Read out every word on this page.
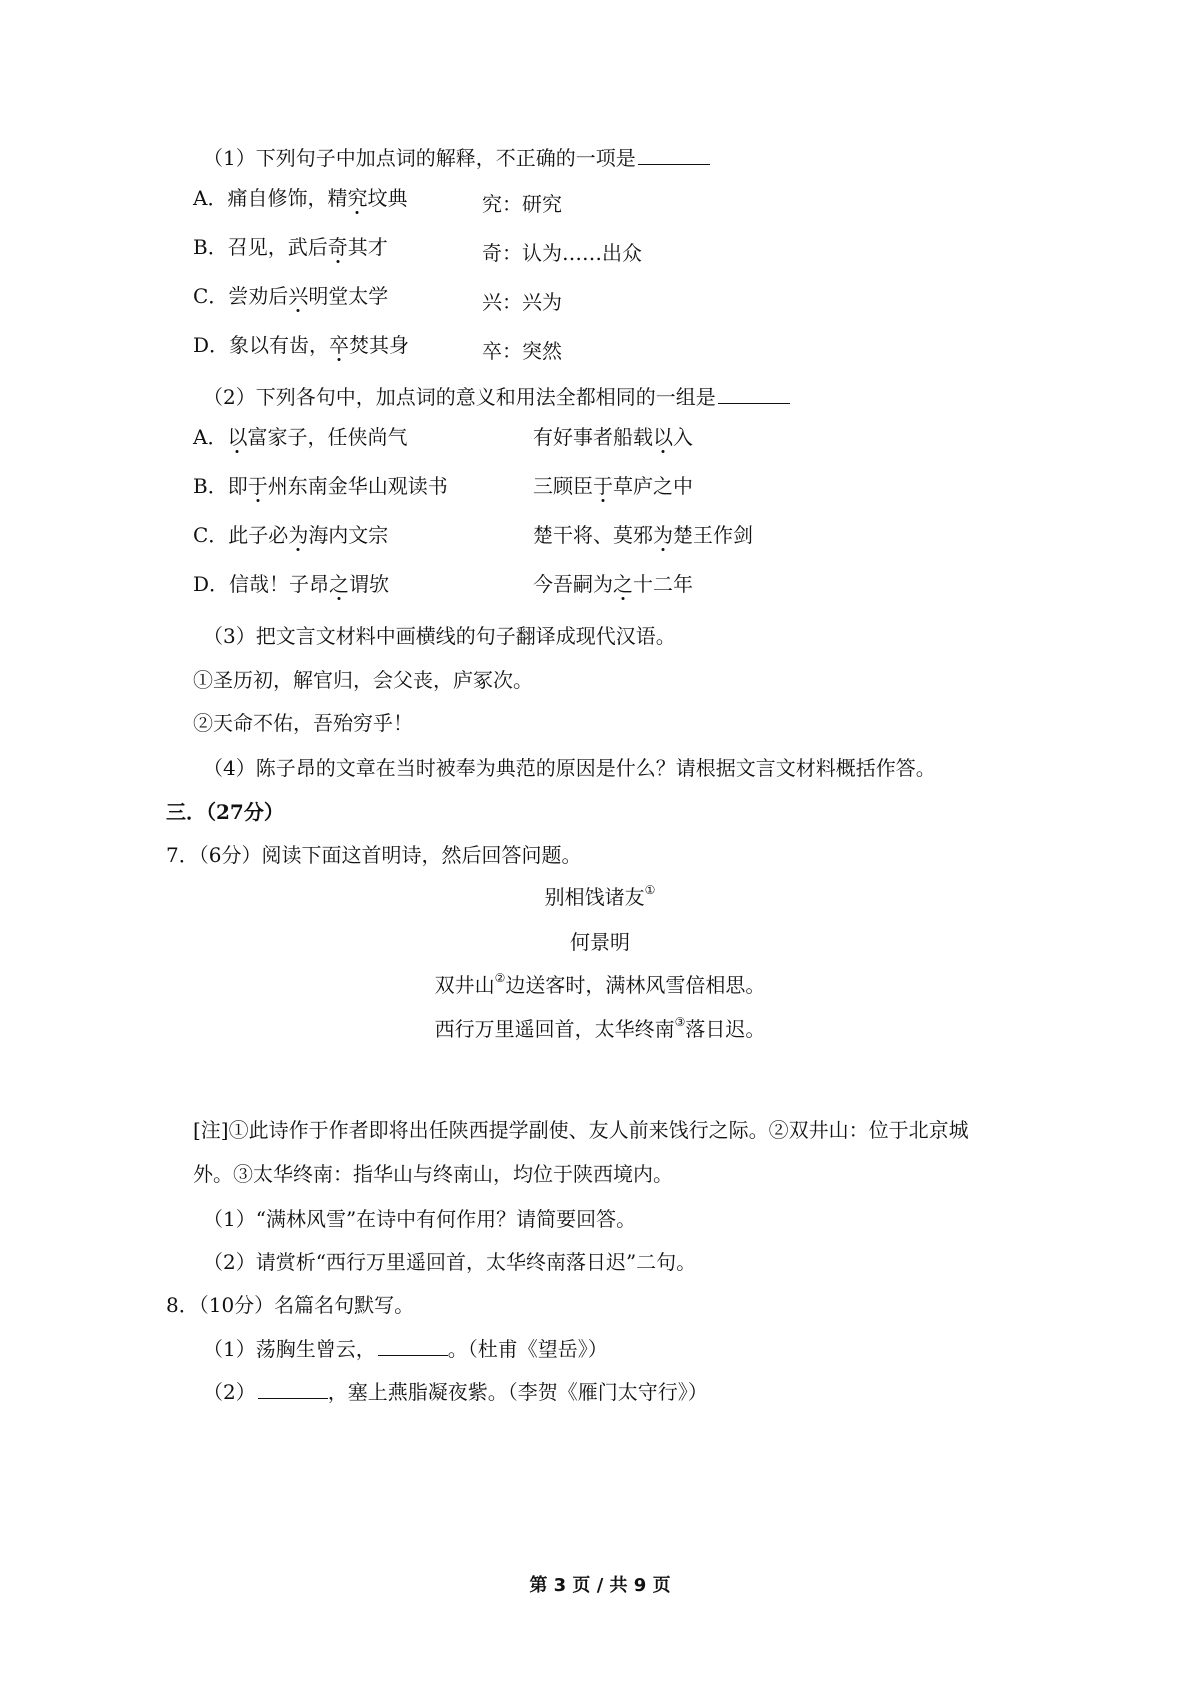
（1）下列句子中加点词的解释，不正确的一项是
A．痛自修饰，精究坟典	究：研究
B．召见，武后奇其才	奇：认为……出众
C．尝劝后兴明堂太学	兴：兴为
D．象以有齿，卒焚其身	卒：突然
（2）下列各句中，加点词的意义和用法全都相同的一组是
A．以富家子，任侠尚气	有好事者船载以入
B．即于州东南金华山观读书	三顾臣于草庐之中
C．此子必为海内文宗	楚干将、莫邪为楚王作剑
D．信哉！子昂之谓欤	今吾嗣为之十二年
（3）把文言文材料中画横线的句子翻译成现代汉语。
①圣历初，解官归，会父丧，庐冢次。
②天命不佑，吾殆穷乎！
（4）陈子昂的文章在当时被奉为典范的原因是什么？请根据文言文材料概括作答。
三．（27分）
7．（6分）阅读下面这首明诗，然后回答问题。
别相饯诸友①
何景明
双井山②边送客时，满林风雪倍相思。
西行万里遥回首，太华终南③落日迟。
[注]①此诗作于作者即将出任陕西提学副使、友人前来饯行之际。②双井山：位于北京城
外。③太华终南：指华山与终南山，均位于陕西境内。
（1）“满林风雪”在诗中有何作用？请简要回答。
（2）请赏析“西行万里遥回首，太华终南落日迟”二句。
8．（10分）名篇名句默写。
（1）荡胸生曾云，	。（杜甫《望岳》）
（2）	，塞上燕脂凝夜紫。（李贺《雁门太守行》）
第 3 页 / 共 9 页
